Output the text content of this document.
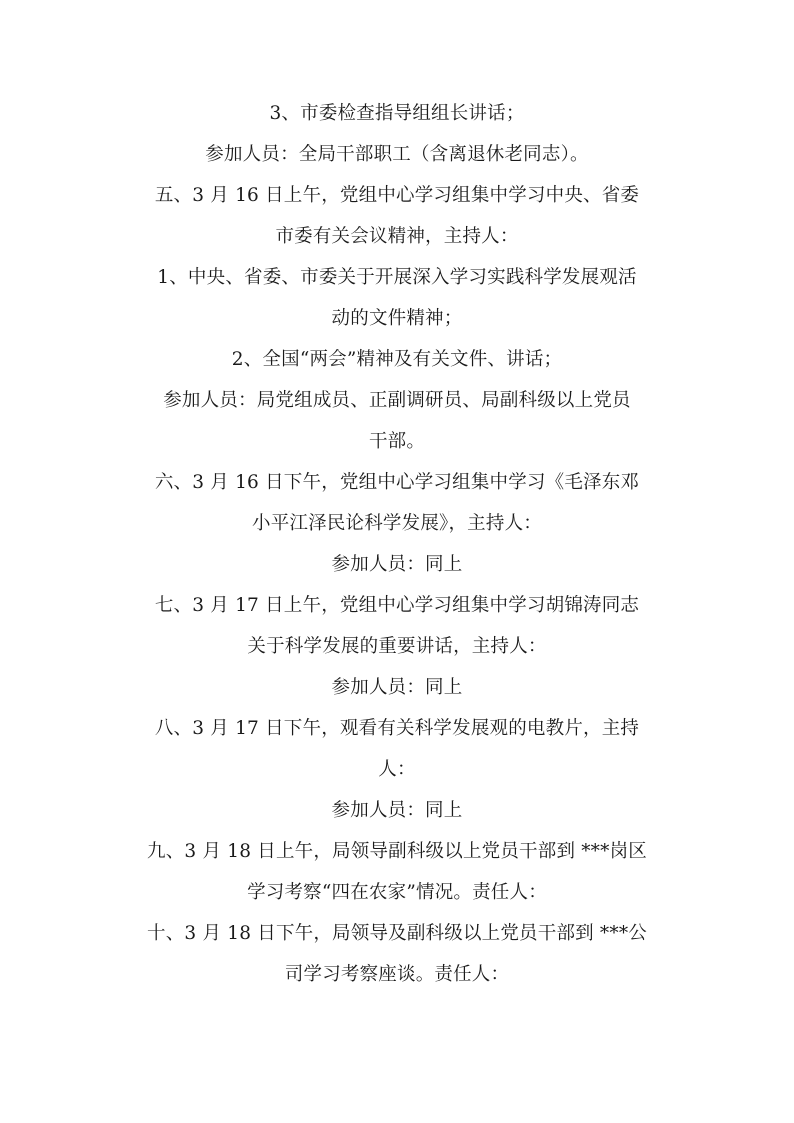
3、市委检查指导组组长讲话；
参加人员：全局干部职工（含离退休老同志）。
五、3 月 16 日上午，党组中心学习组集中学习中央、省委
市委有关会议精神，主持人：
1、中央、省委、市委关于开展深入学习实践科学发展观活
动的文件精神；
2、全国“两会”精神及有关文件、讲话；
参加人员：局党组成员、正副调研员、局副科级以上党员
干部。
六、3 月 16 日下午，党组中心学习组集中学习《毛泽东邓
小平江泽民论科学发展》，主持人：
参加人员：同上
七、3 月 17 日上午，党组中心学习组集中学习胡锦涛同志
关于科学发展的重要讲话，主持人：
参加人员：同上
八、3 月 17 日下午，观看有关科学发展观的电教片，主持
人：
参加人员：同上
九、3 月 18 日上午，局领导副科级以上党员干部到 ***岗区
学习考察“四在农家”情况。责任人：
十、3 月 18 日下午，局领导及副科级以上党员干部到 ***公
司学习考察座谈。责任人：
